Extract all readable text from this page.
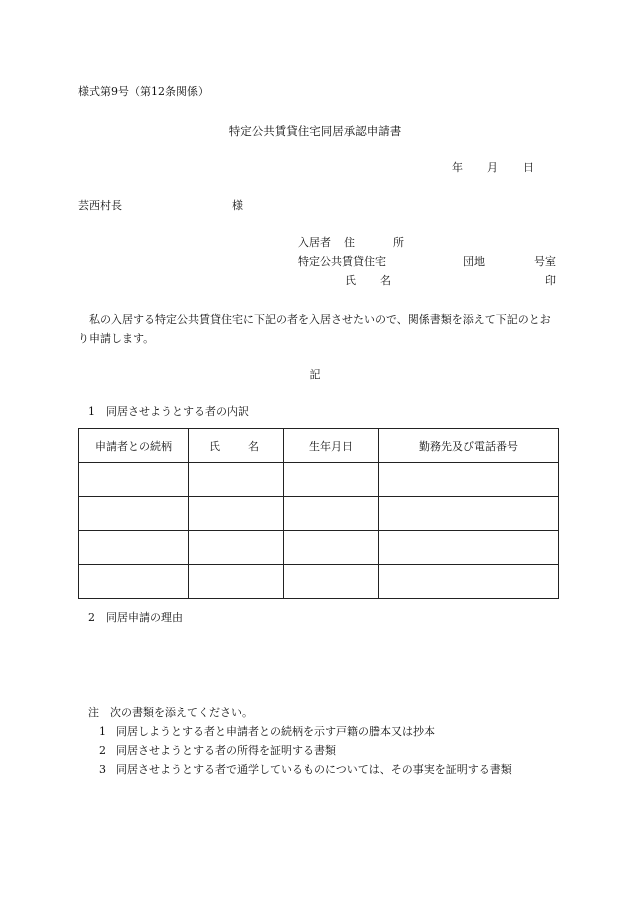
様式第9号（第12条関係）
特定公共賃貸住宅同居承認申請書
年 月 日
芸西村長	様
入居者 住	所
特定公共賃貸住宅	団地	号室
氏 名	印
私の入居する特定公共賃貸住宅に下記の者を入居させたいので、関係書類を添えて下記のとおり申請します。
記
1　同居させようとする者の内訳
申請者との続柄	氏 名	生年月日	勤務先及び電話番号

2　同居申請の理由
注　次の書類を添えてください。
1 同居しようとする者と申請者との続柄を示す戸籍の謄本又は抄本
2 同居させようとする者の所得を証明する書類
3 同居させようとする者で通学しているものについては、その事実を証明する書類
